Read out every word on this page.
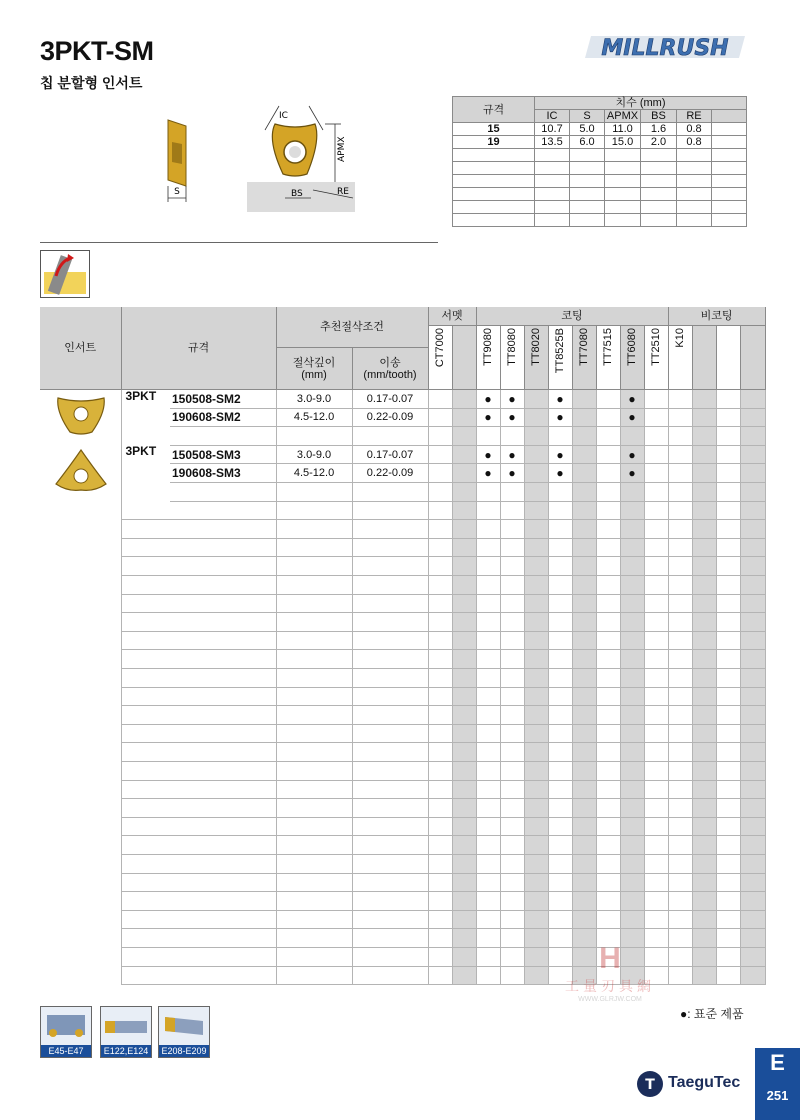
3PKT-SM
칩 분할형 인서트
MILLRUSH
S
IC
APMX
BS	RE
규격	치수 (mm)					
	IC	S	APMX	BS	RE	
15	10.7	5.0	11.0	1.6	0.8	
19	13.5	6.0	15.0	2.0	0.8	

인서트	규격		추천절삭조건		서멧		코팅								비코팅			
					CT7000		TT9080	TT8080	TT8020	TT8525B	TT7080	TT7515	TT6080	TT2510	K10			
			절삭깊이
(mm)	이송
(mm/tooth)														
	3PKT	150508-SM2	3.0-9.0	0.17-0.07			●	●		●			●					
		190608-SM2	4.5-12.0	0.22-0.09			●	●		●			●					

	3PKT	150508-SM3	3.0-9.0	0.17-0.07			●	●		●			●					
		190608-SM3	4.5-12.0	0.22-0.09			●	●		●			●					

H
工量刃具網
WWW.GLRJW.COM
●: 표준 제품
E45-E47	E122,E124	E208-E209
T TaeguTec
E
251
